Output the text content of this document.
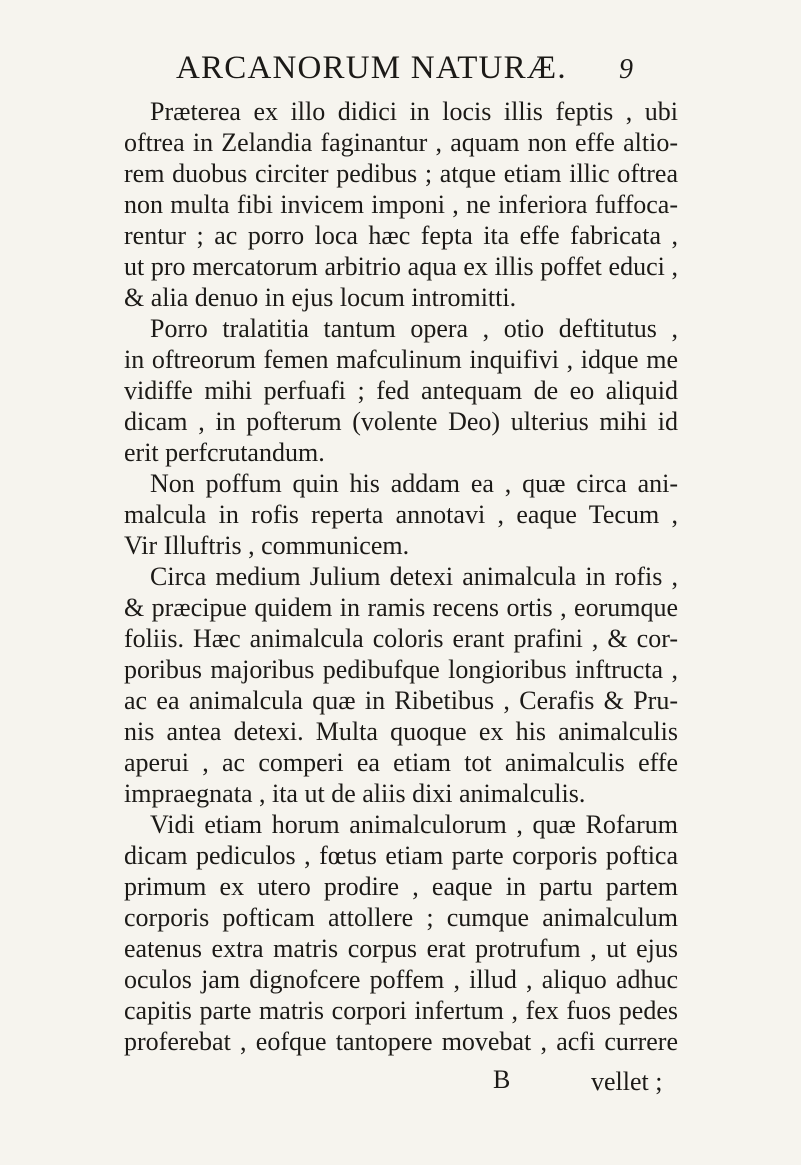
ARCANORUM NATURÆ. 9
Præterea ex illo didici in locis illis feptis , ubi
oftrea in Zelandia faginantur , aquam non effe altio-
rem duobus circiter pedibus ; atque etiam illic oftrea
non multa fibi invicem imponi , ne inferiora fuffoca-
rentur ; ac porro loca hæc fepta ita effe fabricata ,
ut pro mercatorum arbitrio aqua ex illis poffet educi ,
& alia denuo in ejus locum intromitti.
Porro tralatitia tantum opera , otio deftitutus ,
in oftreorum femen mafculinum inquifivi , idque me
vidiffe mihi perfuafi ; fed antequam de eo aliquid
dicam , in pofterum (volente Deo) ulterius mihi id
erit perfcrutandum.
Non poffum quin his addam ea , quæ circa ani-
malcula in rofis reperta annotavi , eaque Tecum ,
Vir Illuftris , communicem.
Circa medium Julium detexi animalcula in rofis ,
& præcipue quidem in ramis recens ortis , eorumque
foliis. Hæc animalcula coloris erant prafini , & cor-
poribus majoribus pedibufque longioribus inftructa ,
ac ea animalcula quæ in Ribetibus , Cerafis & Pru-
nis antea detexi. Multa quoque ex his animalculis
aperui , ac comperi ea etiam tot animalculis effe
impraegnata , ita ut de aliis dixi animalculis.
Vidi etiam horum animalculorum , quæ Rofarum
dicam pediculos , fœtus etiam parte corporis poftica
primum ex utero prodire , eaque in partu partem
corporis pofticam attollere ; cumque animalculum
eatenus extra matris corpus erat protrufum , ut ejus
oculos jam dignofcere poffem , illud , aliquo adhuc
capitis parte matris corpori infertum , fex fuos pedes
proferebat , eofque tantopere movebat , acfi currere
B	vellet ;
